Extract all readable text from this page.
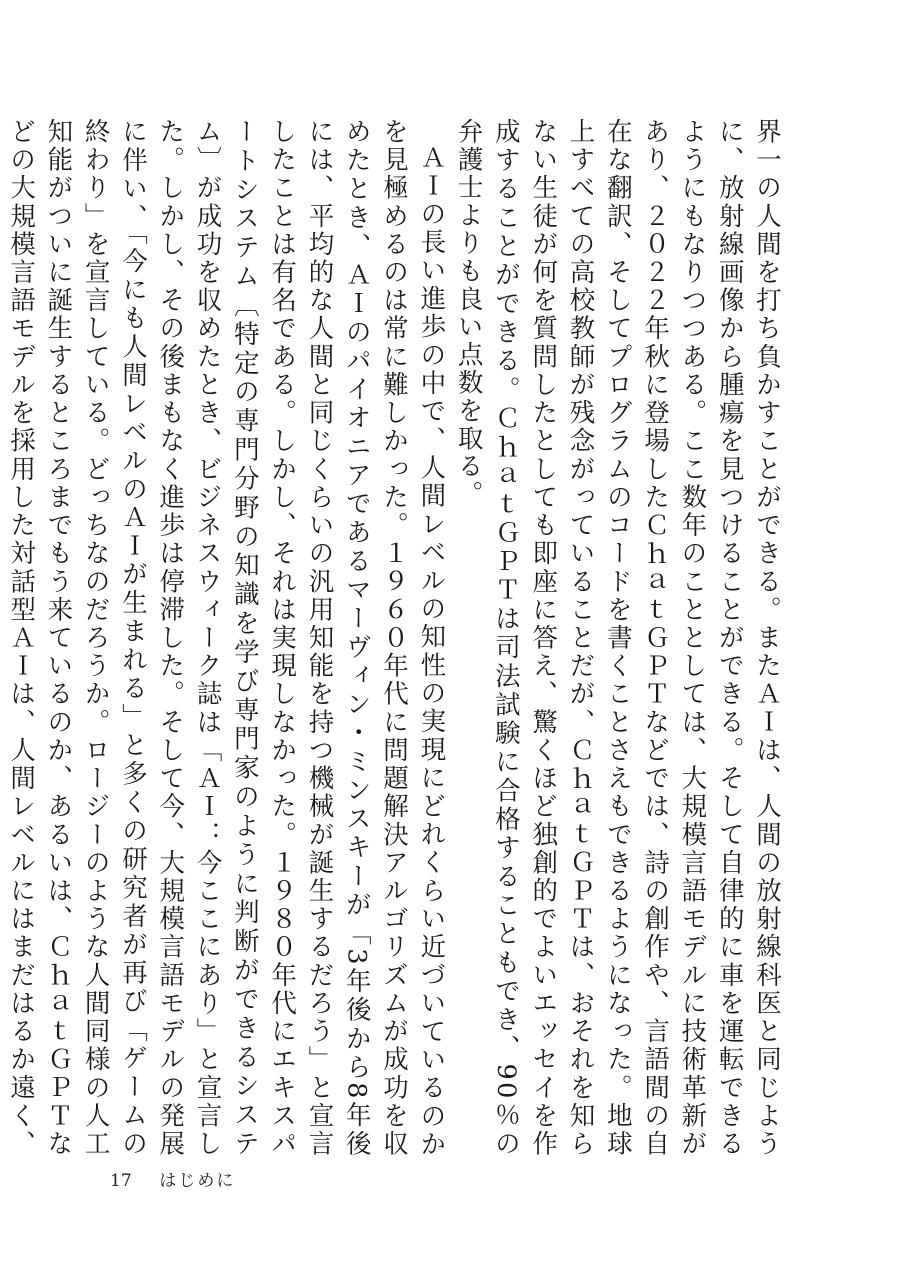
界一の人間を打ち負かすことができる。またＡＩは、人間の放射線科医と同じように、放射線画像から腫瘍を見つけることができる。そして自律的に車を運転できるようにもなりつつある。ここ数年のこととしては、大規模言語モデルに技術革新があり、２０２２年秋に登場したＣｈａｔＧＰＴなどでは、詩の創作や、言語間の自在な翻訳、そしてプログラムのコードを書くことさえもできるようになった。地球上すべての高校教師が残念がっていることだが、ＣｈａｔＧＰＴは、おそれを知らない生徒が何を質問したとしても即座に答え、驚くほど独創的でよいエッセイを作成することができる。ＣｈａｔＧＰＴは司法試験に合格することもでき、90％の弁護士よりも良い点数を取る。

ＡＩの長い進歩の中で、人間レベルの知性の実現にどれくらい近づいているのかを見極めるのは常に難しかった。１９６０年代に問題解決アルゴリズムが成功を収めたとき、ＡＩのパイオニアであるマーヴィン・ミンスキーが「3年後から8年後には、平均的な人間と同じくらいの汎用知能を持つ機械が誕生するだろう」と宣言したことは有名である。しかし、それは実現しなかった。１９８０年代にエキスパートシステム〔特定の専門分野の知識を学び専門家のように判断ができるシステム〕が成功を収めたとき、ビジネスウィーク誌は「ＡＩ：今ここにあり」と宣言した。しかし、その後まもなく進歩は停滞した。そして今、大規模言語モデルの発展に伴い、「今にも人間レベルのＡＩが生まれる」と多くの研究者が再び「ゲームの終わり」を宣言している。どっちなのだろうか。ロージーのような人間同様の人工知能がついに誕生するところまでもう来ているのか、あるいは、ＣｈａｔＧＰＴなどの大規模言語モデルを採用した対話型ＡＩは、人間レベルにはまだはるか遠く、

17 はじめに
